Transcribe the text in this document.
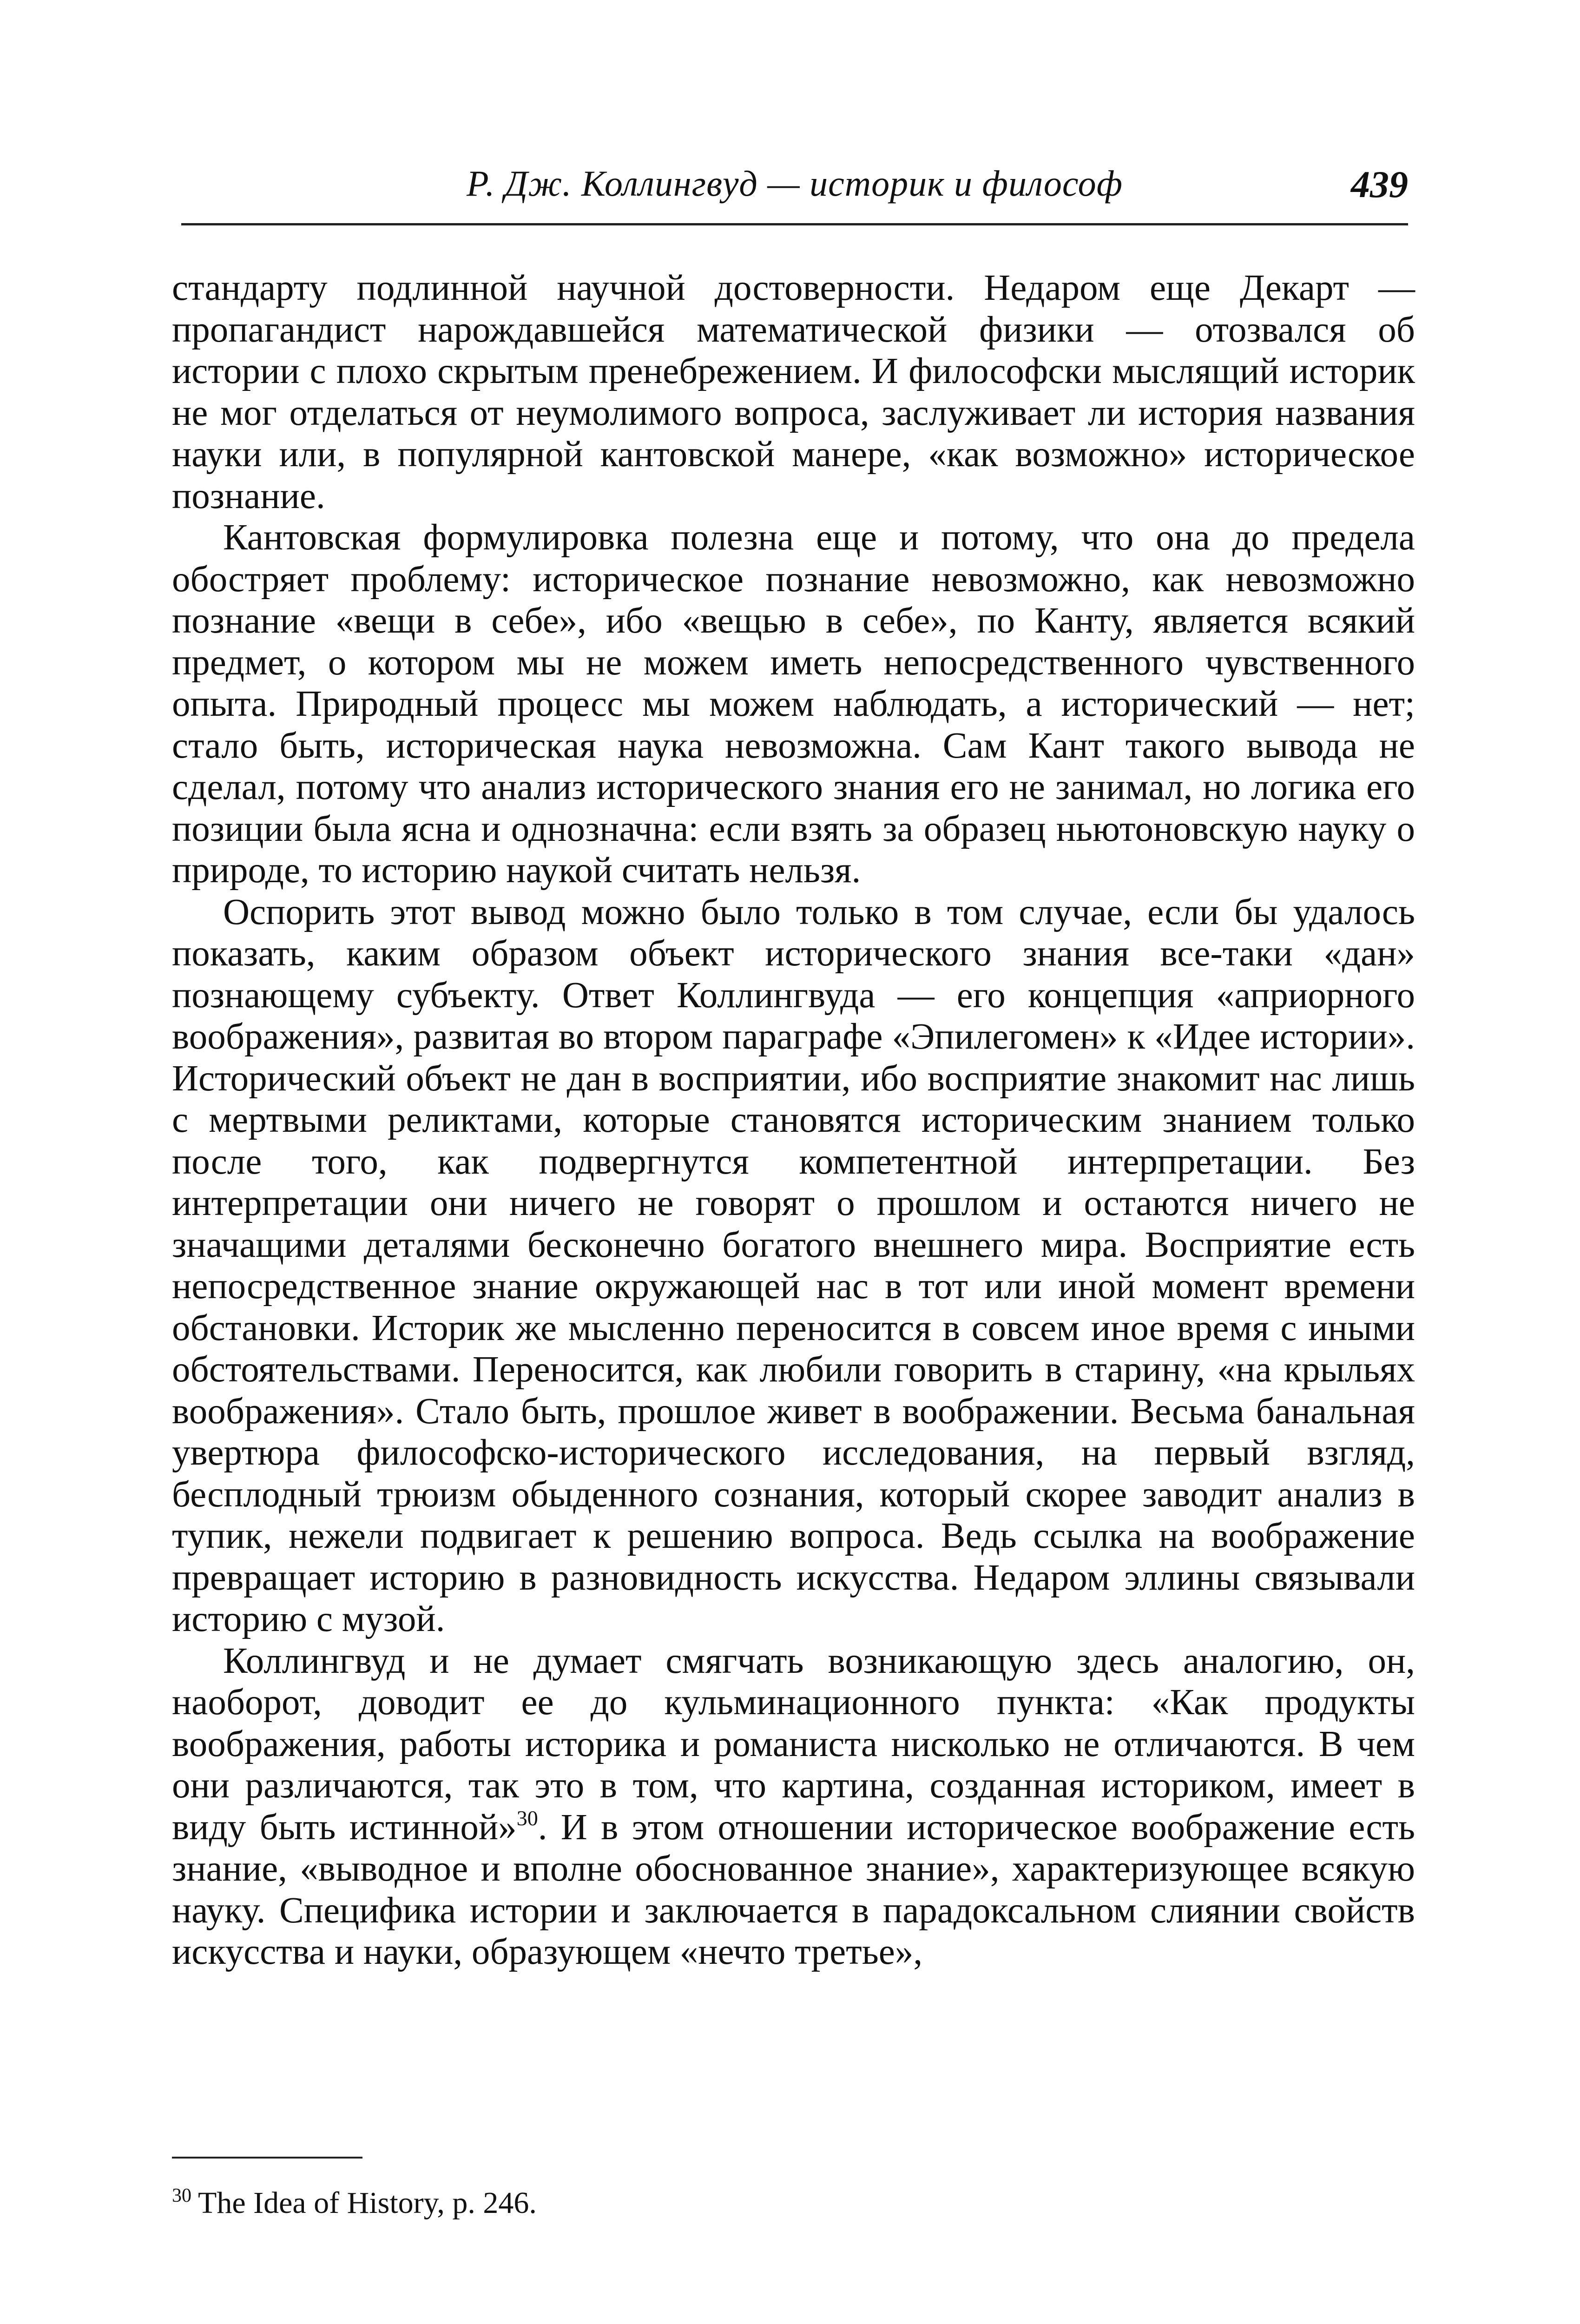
Р. Дж. Коллингвуд — историк и философ	439

стандарту подлинной научной достоверности. Недаром еще Декарт — пропагандист нарождавшейся математической физики — отозвался об истории с плохо скрытым пренебрежением. И философски мыслящий историк не мог отделаться от неумолимого вопроса, заслуживает ли история названия науки или, в популярной кантовской манере, «как возможно» историческое познание.

Кантовская формулировка полезна еще и потому, что она до предела обостряет проблему: историческое познание невозможно, как невозможно познание «вещи в себе», ибо «вещью в себе», по Канту, является всякий предмет, о котором мы не можем иметь непосредственного чувственного опыта. Природный процесс мы можем наблюдать, а исторический — нет; стало быть, историческая наука невозможна. Сам Кант такого вывода не сделал, потому что анализ исторического знания его не занимал, но логика его позиции была ясна и однозначна: если взять за образец ньютоновскую науку о природе, то историю наукой считать нельзя.

Оспорить этот вывод можно было только в том случае, если бы удалось показать, каким образом объект исторического знания все-таки «дан» познающему субъекту. Ответ Коллингвуда — его концепция «априорного воображения», развитая во втором параграфе «Эпилегомен» к «Идее истории». Исторический объект не дан в восприятии, ибо восприятие знакомит нас лишь с мертвыми реликтами, которые становятся историческим знанием только после того, как подвергнутся компетентной интерпретации. Без интерпретации они ничего не говорят о прошлом и остаются ничего не значащими деталями бесконечно богатого внешнего мира. Восприятие есть непосредственное знание окружающей нас в тот или иной момент времени обстановки. Историк же мысленно переносится в совсем иное время с иными обстоятельствами. Переносится, как любили говорить в старину, «на крыльях воображения». Стало быть, прошлое живет в воображении. Весьма банальная увертюра философско-исторического исследования, на первый взгляд, бесплодный трюизм обыденного сознания, который скорее заводит анализ в тупик, нежели подвигает к решению вопроса. Ведь ссылка на воображение превращает историю в разновидность искусства. Недаром эллины связывали историю с музой.

Коллингвуд и не думает смягчать возникающую здесь аналогию, он, наоборот, доводит ее до кульминационного пункта: «Как продукты воображения, работы историка и романиста нисколько не отличаются. В чем они различаются, так это в том, что картина, созданная историком, имеет в виду быть истинной»$^{30}$. И в этом отношении историческое воображение есть знание, «выводное и вполне обоснованное знание», характеризующее всякую науку. Специфика истории и заключается в парадоксальном слиянии свойств искусства и науки, образующем «нечто третье»,

$^{30}$ The Idea of History, p. 246.
